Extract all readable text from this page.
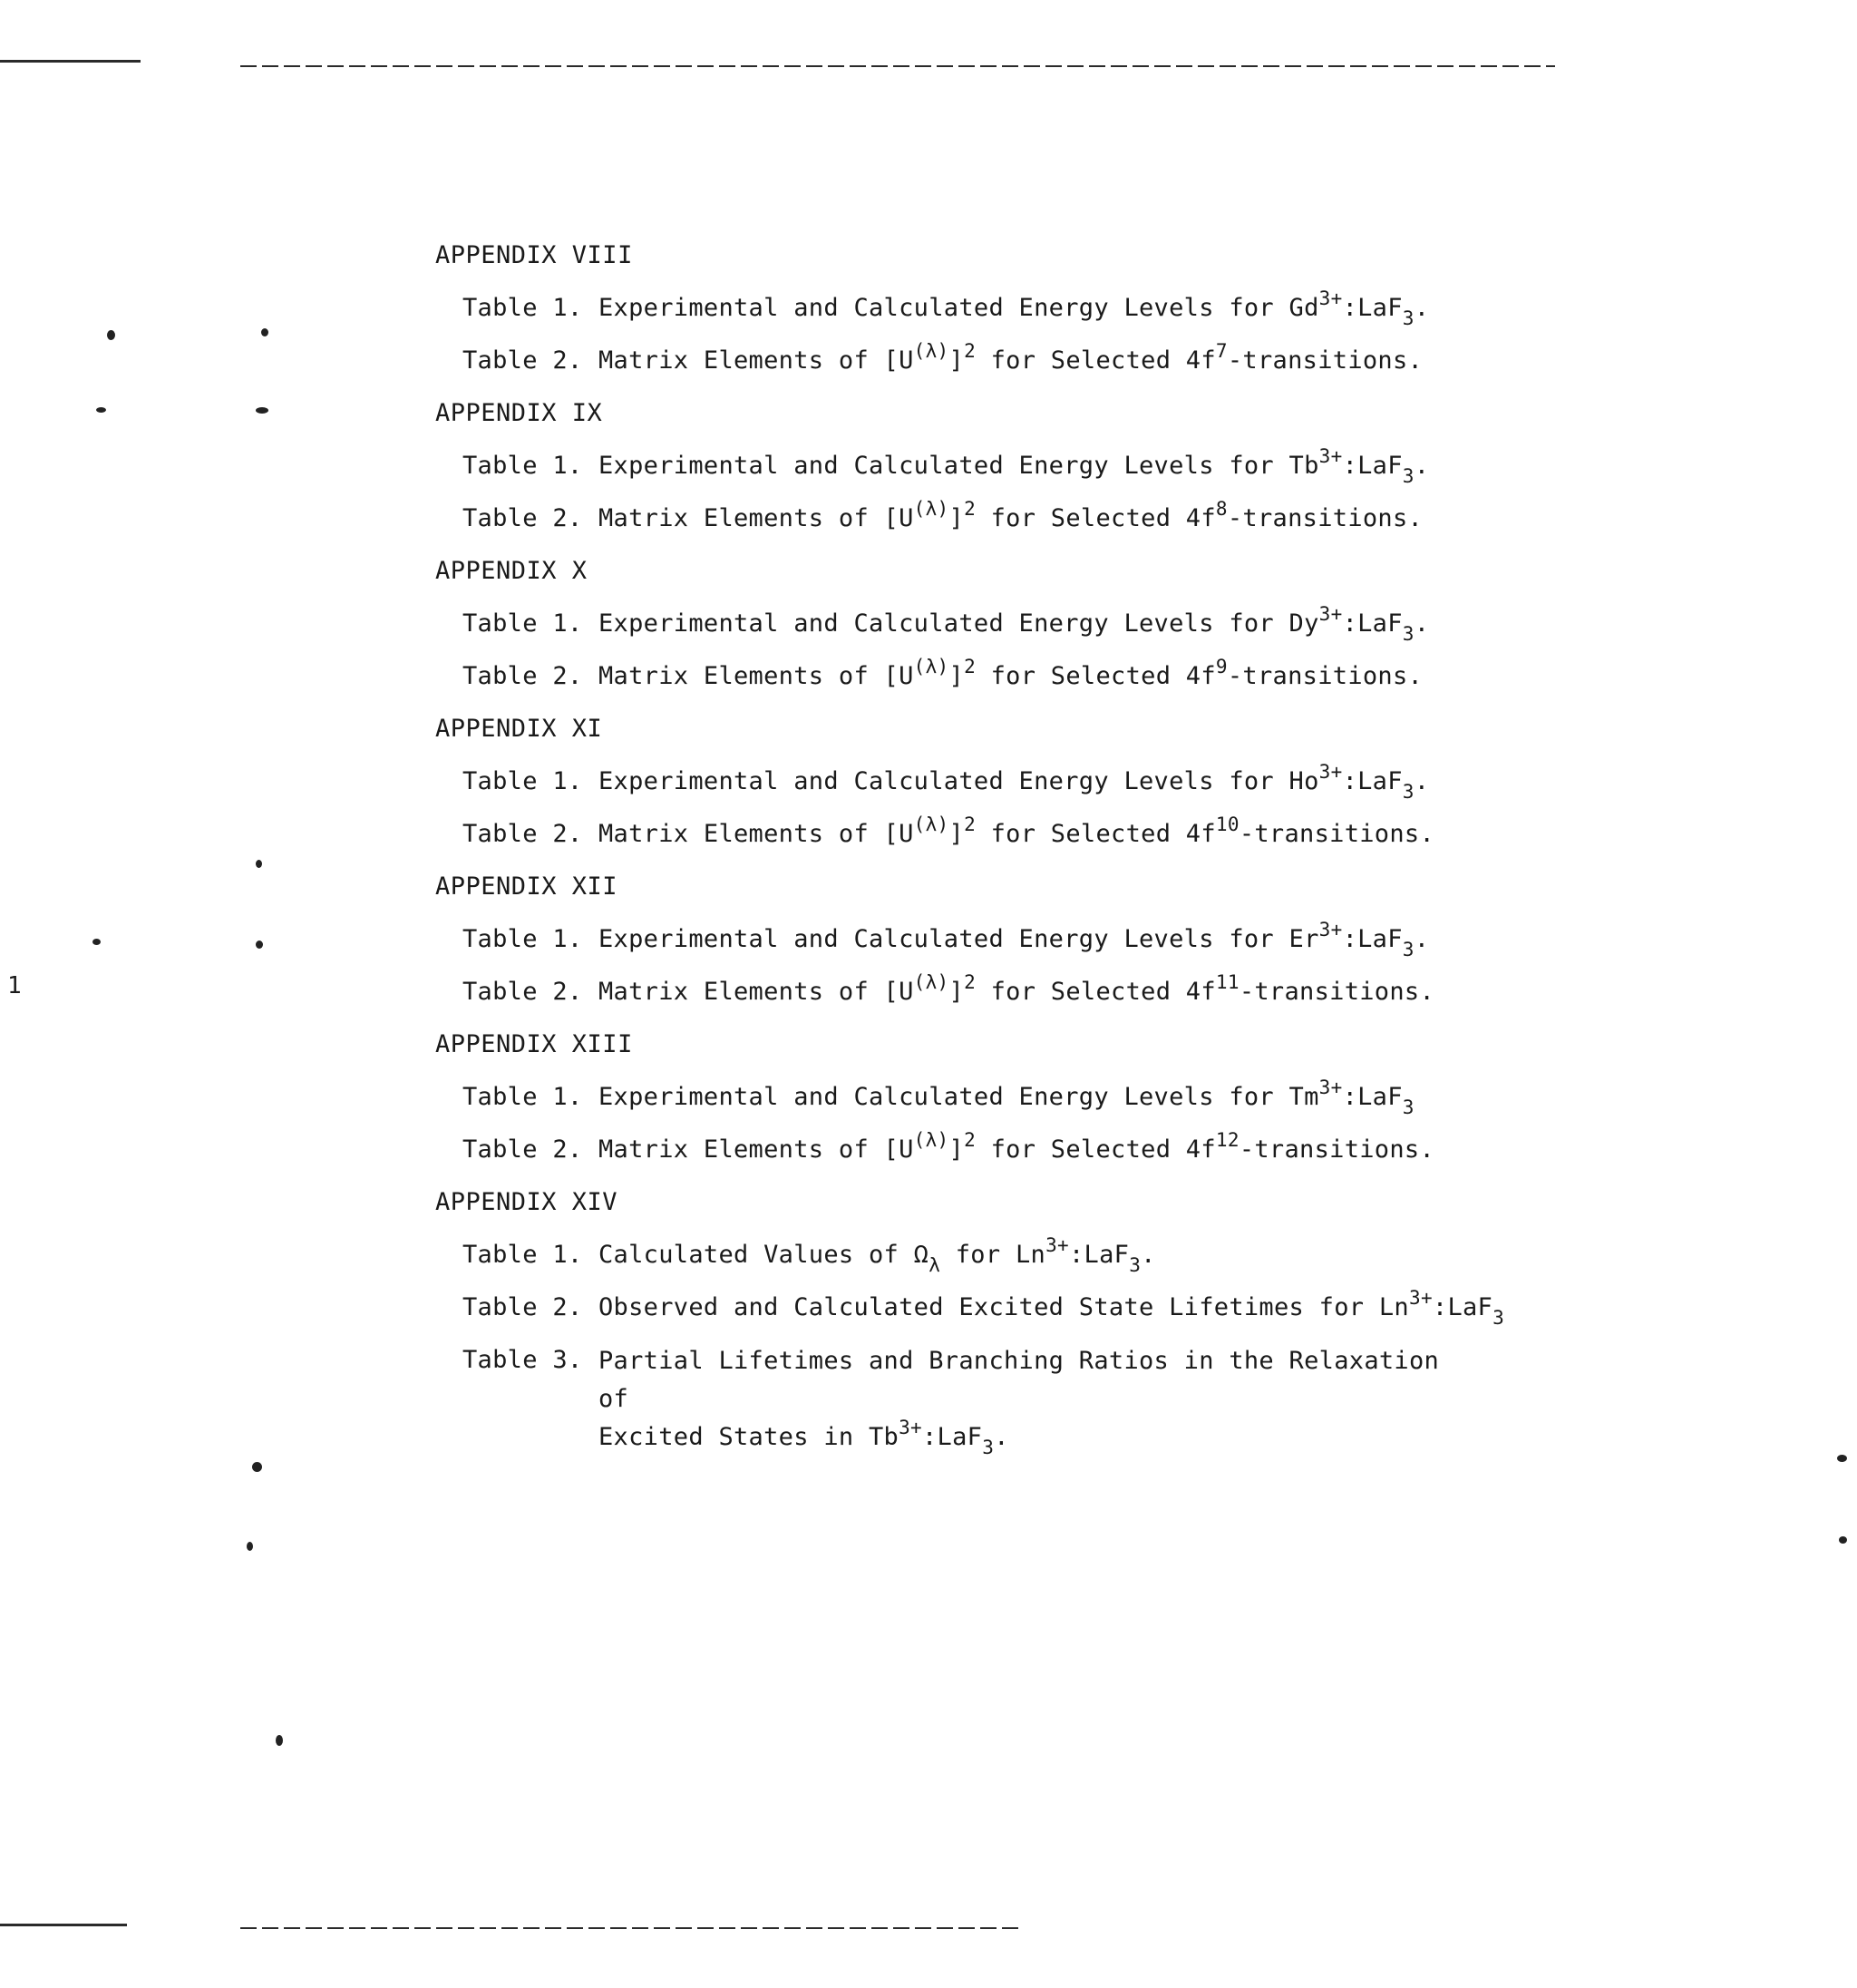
1
APPENDIX VIII
Table 1. Experimental and Calculated Energy Levels for $Gd^{3+}:LaF_3$.
Table 2. Matrix Elements of $[U^{(\lambda)}]^2$ for Selected $4f^7$-transitions.
APPENDIX IX
Table 1. Experimental and Calculated Energy Levels for $Tb^{3+}:LaF_3$.
Table 2. Matrix Elements of $[U^{(\lambda)}]^2$ for Selected $4f^8$-transitions.
APPENDIX X
Table 1. Experimental and Calculated Energy Levels for $Dy^{3+}:LaF_3$.
Table 2. Matrix Elements of $[U^{(\lambda)}]^2$ for Selected $4f^9$-transitions.
APPENDIX XI
Table 1. Experimental and Calculated Energy Levels for $Ho^{3+}:LaF_3$.
Table 2. Matrix Elements of $[U^{(\lambda)}]^2$ for Selected $4f^{10}$-transitions.
APPENDIX XII
Table 1. Experimental and Calculated Energy Levels for $Er^{3+}:LaF_3$.
Table 2. Matrix Elements of $[U^{(\lambda)}]^2$ for Selected $4f^{11}$-transitions.
APPENDIX XIII
Table 1. Experimental and Calculated Energy Levels for $Tm^{3+}:LaF_3$
Table 2. Matrix Elements of $[U^{(\lambda)}]^2$ for Selected $4f^{12}$-transitions.
APPENDIX XIV
Table 1. Calculated Values of $\Omega_\lambda$ for $Ln^{3+}:LaF_3$.
Table 2. Observed and Calculated Excited State Lifetimes for $Ln^{3+}:LaF_3$
Table 3. Partial Lifetimes and Branching Ratios in the Relaxation of
Excited States in $Tb^{3+}:LaF_3$.
